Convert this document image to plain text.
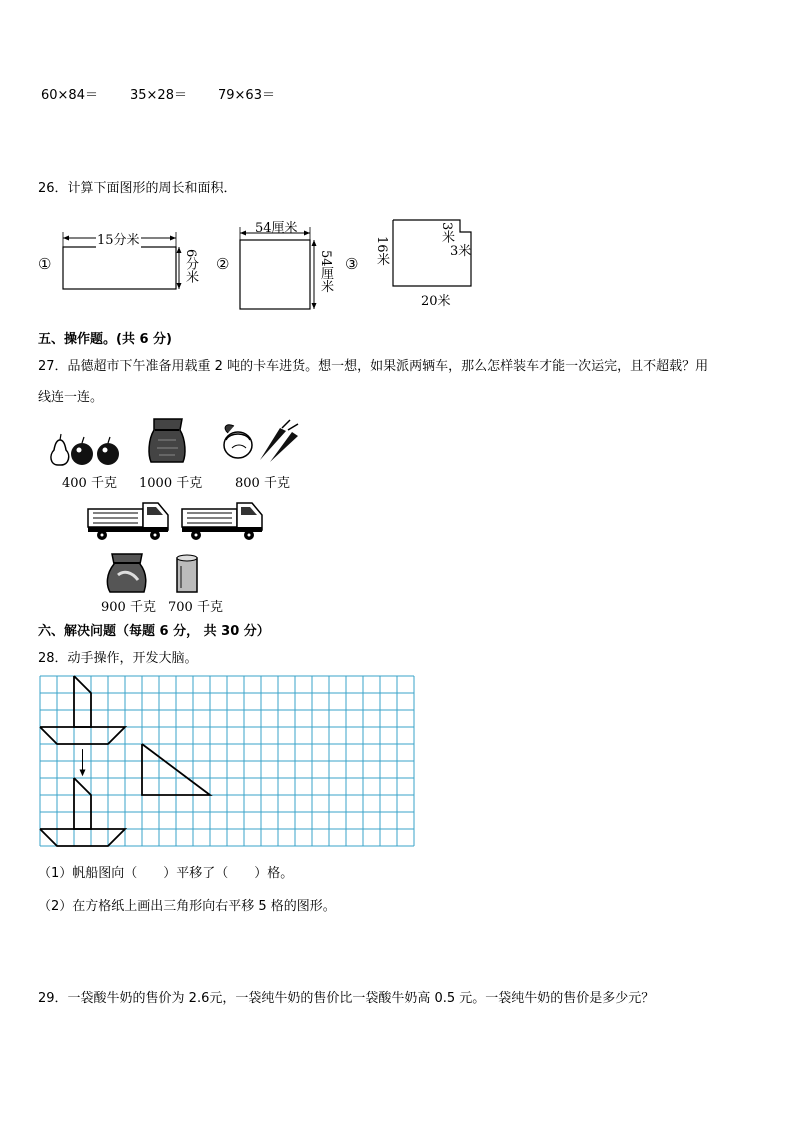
60×84＝ 35×28＝ 79×63＝
26．计算下面图形的周长和面积．
①
15分米
6分米 ②
54厘米
54厘米 ③ 16米
3米
3米
20米
五、操作题。(共 6 分)
27．品德超市下午准备用载重 2 吨的卡车进货。想一想，如果派两辆车，那么怎样装车才能一次运完，且不超载？用
线连一连。
400 千克 1000 千克	800 千克
900 千克 700 千克
六、解决问题（每题 6 分， 共 30 分）
28．动手操作，开发大脑。
（1）帆船图向（　　）平移了（　　）格。
（2）在方格纸上画出三角形向右平移 5 格的图形。
29．一袋酸牛奶的售价为 2.6元，一袋纯牛奶的售价比一袋酸牛奶高 0.5 元。一袋纯牛奶的售价是多少元？
